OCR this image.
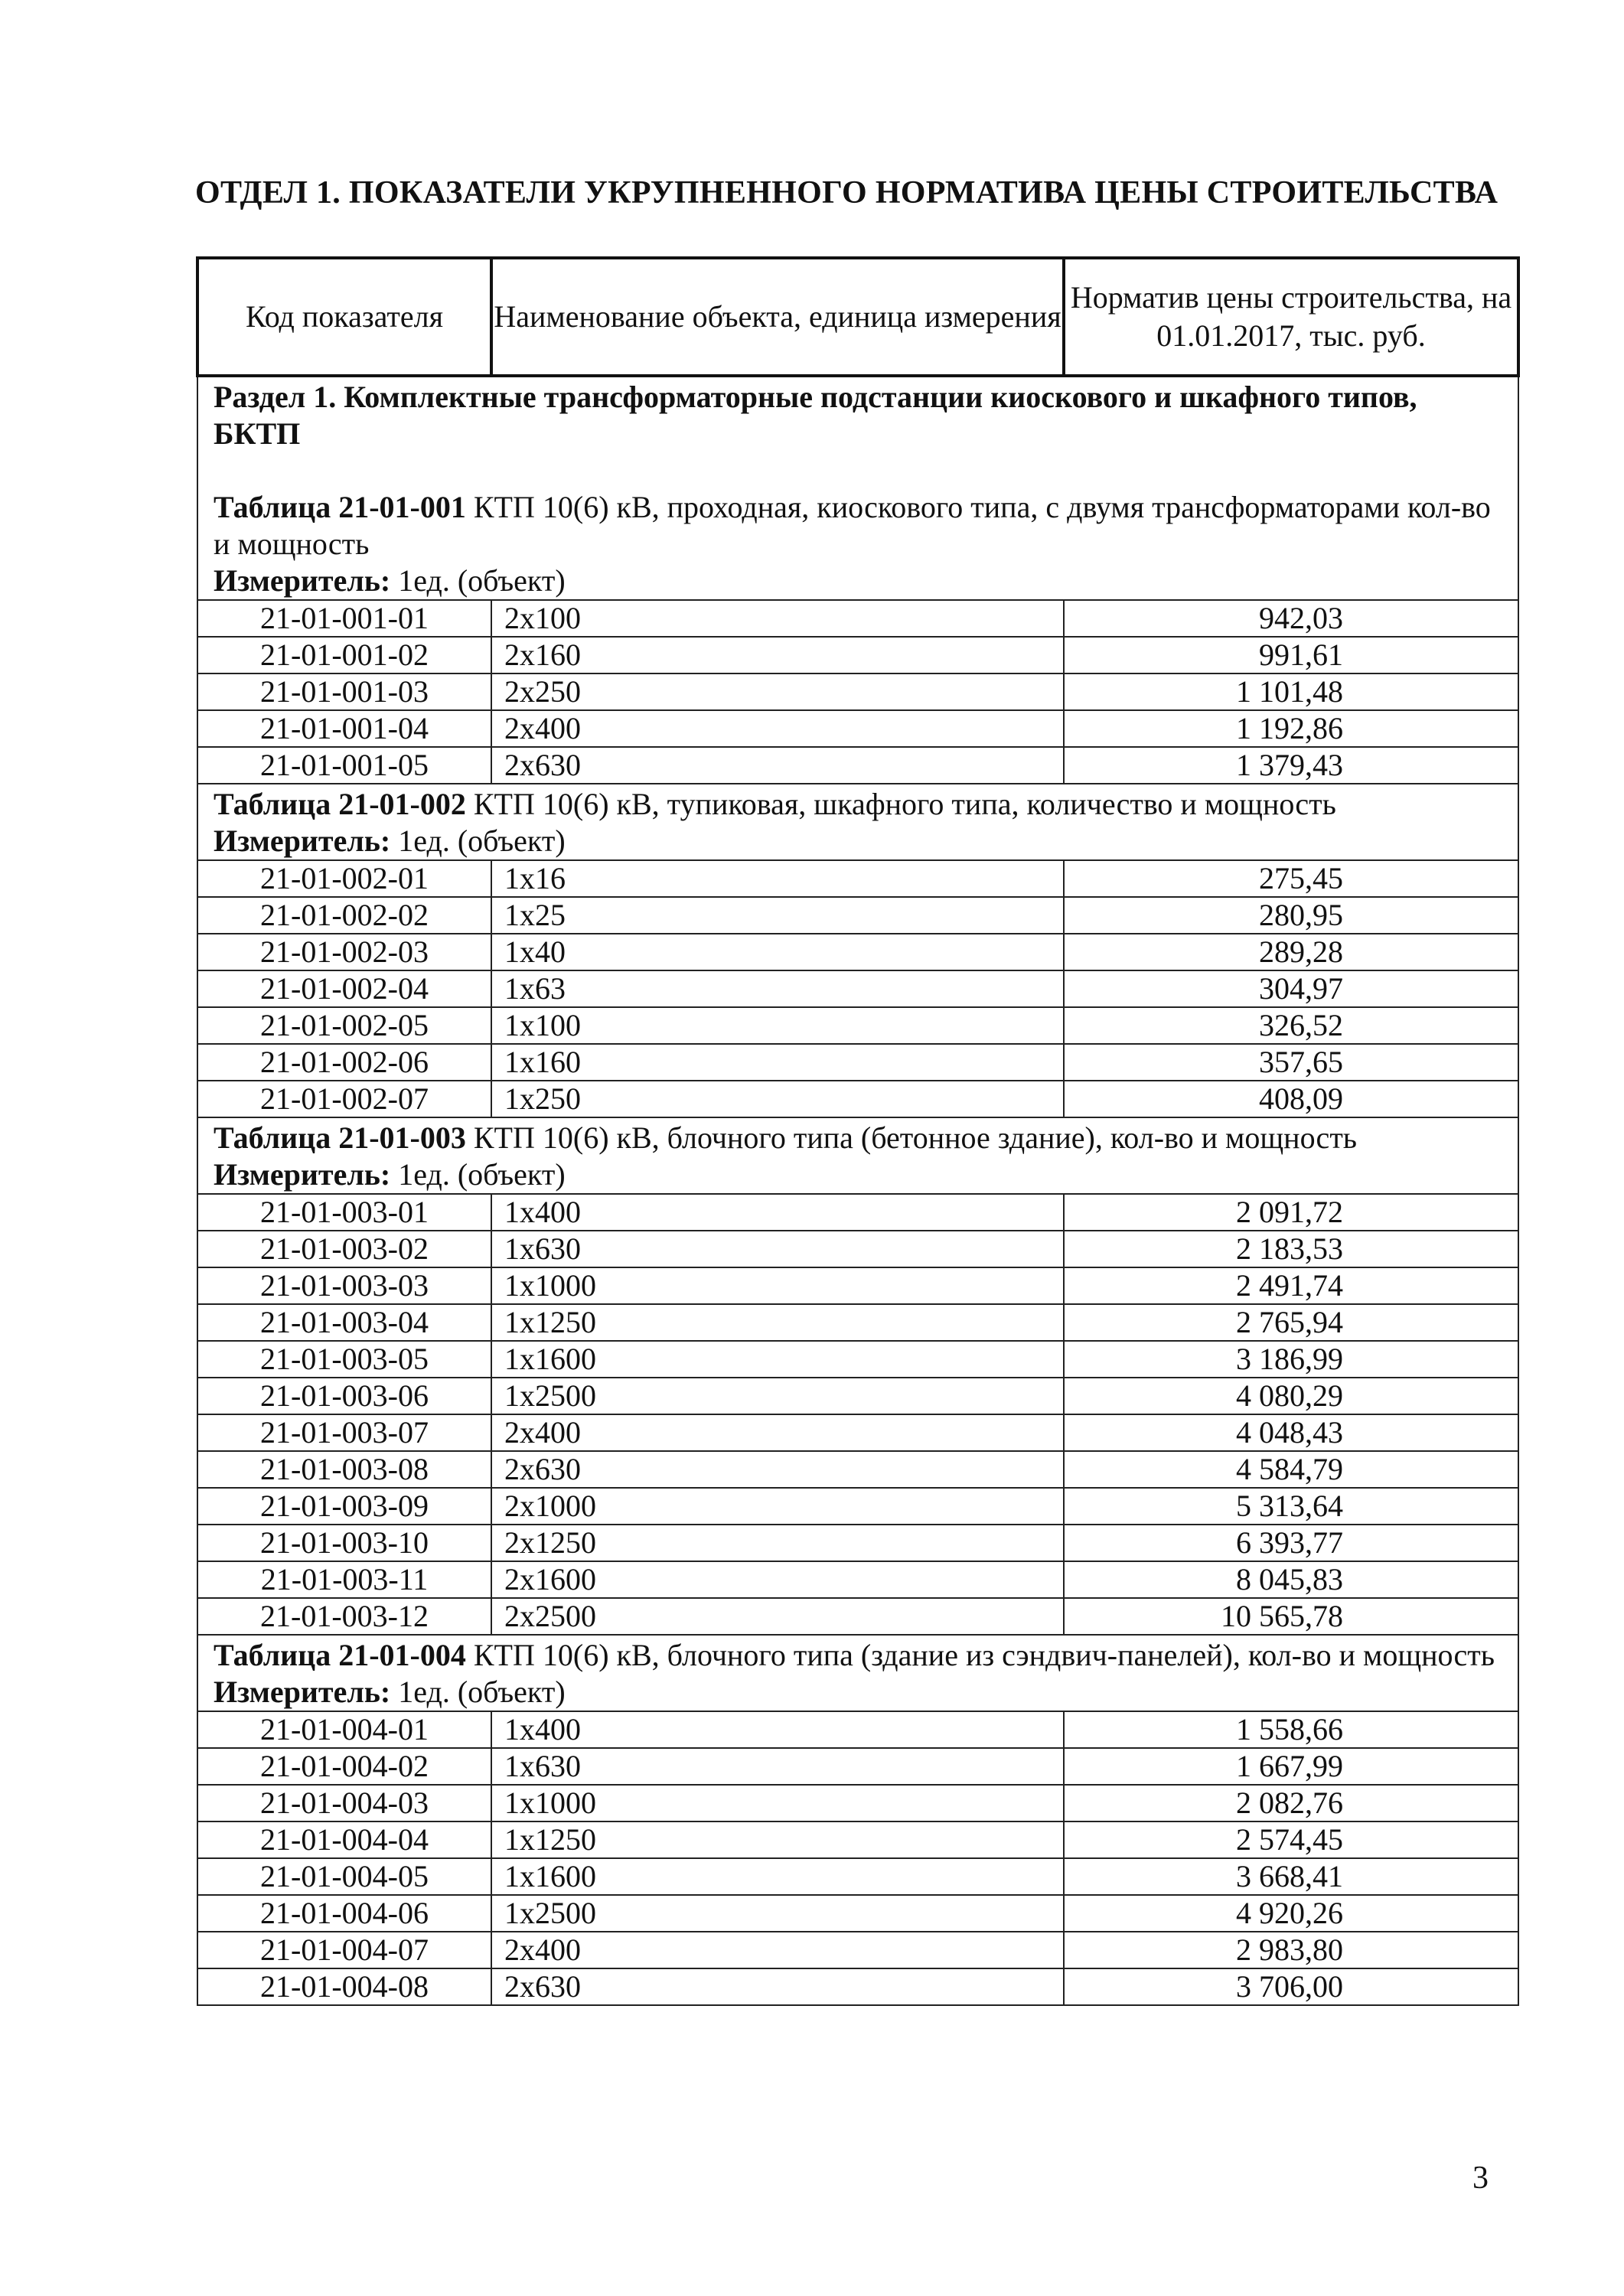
ОТДЕЛ 1. ПОКАЗАТЕЛИ УКРУПНЕННОГО НОРМАТИВА ЦЕНЫ СТРОИТЕЛЬСТВА
Код показателя	Наименование объекта, единица измерения	Норматив цены строительства, на 01.01.2017, тыс. руб.

Раздел 1. Комплектные трансформаторные подстанции киоскового и шкафного типов, БКТП
Таблица 21-01-001 КТП 10(6) кВ, проходная, киоскового типа, с двумя трансформаторами кол-во и мощность
Измеритель: 1ед. (объект)		

21-01-001-01	2х100	942,03
21-01-001-02	2х160	991,61
21-01-001-03	2х250	1 101,48
21-01-001-04	2х400	1 192,86
21-01-001-05	2х630	1 379,43

Таблица 21-01-002 КТП 10(6) кВ, тупиковая, шкафного типа, количество и мощность
Измеритель: 1ед. (объект)		

21-01-002-01	1х16	275,45
21-01-002-02	1х25	280,95
21-01-002-03	1х40	289,28
21-01-002-04	1х63	304,97
21-01-002-05	1х100	326,52
21-01-002-06	1х160	357,65
21-01-002-07	1х250	408,09

Таблица 21-01-003 КТП 10(6) кВ, блочного типа (бетонное здание), кол-во и мощность
Измеритель: 1ед. (объект)		

21-01-003-01	1х400	2 091,72
21-01-003-02	1х630	2 183,53
21-01-003-03	1х1000	2 491,74
21-01-003-04	1х1250	2 765,94
21-01-003-05	1х1600	3 186,99
21-01-003-06	1х2500	4 080,29
21-01-003-07	2х400	4 048,43
21-01-003-08	2х630	4 584,79
21-01-003-09	2х1000	5 313,64
21-01-003-10	2х1250	6 393,77
21-01-003-11	2х1600	8 045,83
21-01-003-12	2х2500	10 565,78

Таблица 21-01-004 КТП 10(6) кВ, блочного типа (здание из сэндвич-панелей), кол-во и мощность
Измеритель: 1ед. (объект)		

21-01-004-01	1х400	1 558,66
21-01-004-02	1х630	1 667,99
21-01-004-03	1х1000	2 082,76
21-01-004-04	1х1250	2 574,45
21-01-004-05	1х1600	3 668,41
21-01-004-06	1х2500	4 920,26
21-01-004-07	2х400	2 983,80
21-01-004-08	2х630	3 706,00
3
